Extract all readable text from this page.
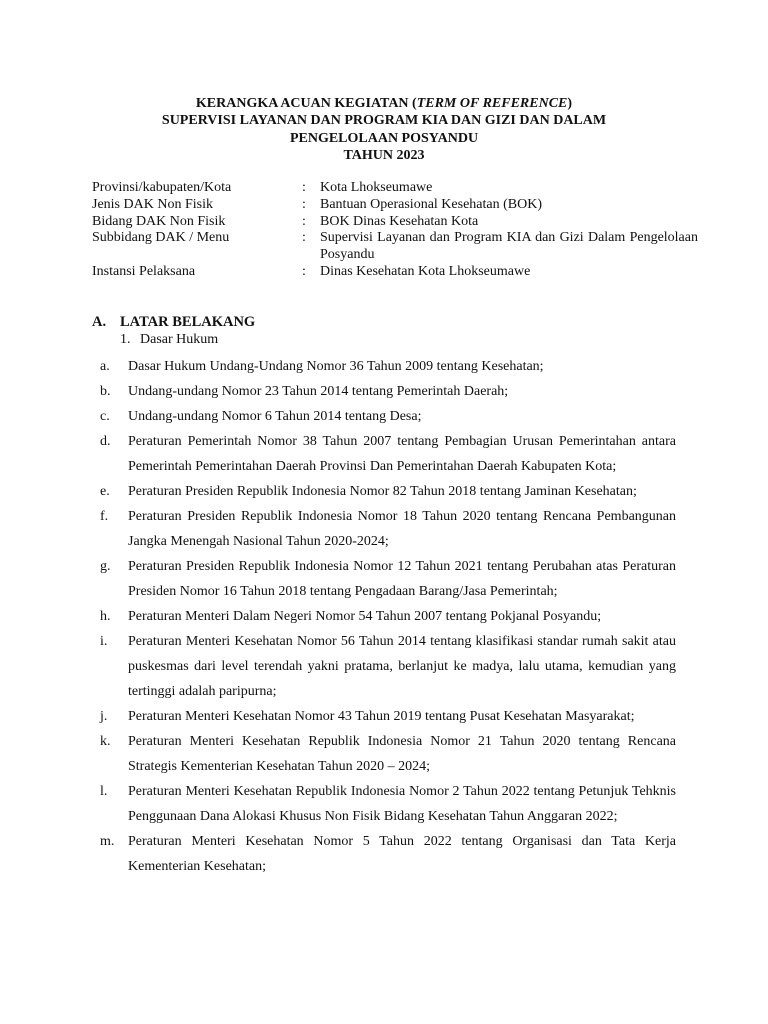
KERANGKA ACUAN KEGIATAN (TERM OF REFERENCE)
SUPERVISI LAYANAN DAN PROGRAM KIA DAN GIZI DAN DALAM
PENGELOLAAN POSYANDU
TAHUN 2023
Provinsi/kabupaten/Kota	:	Kota Lhokseumawe
Jenis DAK Non Fisik	:	Bantuan Operasional Kesehatan (BOK)
Bidang DAK Non Fisik	:	BOK Dinas Kesehatan Kota
Subbidang DAK / Menu	:	Supervisi Layanan dan Program KIA dan Gizi Dalam Pengelolaan Posyandu
Instansi Pelaksana	:	Dinas Kesehatan Kota Lhokseumawe
A. LATAR BELAKANG
1. Dasar Hukum
a.	Dasar Hukum Undang-Undang Nomor 36 Tahun 2009 tentang Kesehatan;
b.	Undang-undang Nomor 23 Tahun 2014 tentang Pemerintah Daerah;
c.	Undang-undang Nomor 6 Tahun 2014 tentang Desa;
d.	Peraturan Pemerintah Nomor 38 Tahun 2007 tentang Pembagian Urusan Pemerintahan antara Pemerintah Pemerintahan Daerah Provinsi Dan Pemerintahan Daerah Kabupaten Kota;
e.	Peraturan Presiden Republik Indonesia Nomor 82 Tahun 2018 tentang Jaminan Kesehatan;
f.	Peraturan Presiden Republik Indonesia Nomor 18 Tahun 2020 tentang Rencana Pembangunan Jangka Menengah Nasional Tahun 2020-2024;
g.	Peraturan Presiden Republik Indonesia Nomor 12 Tahun 2021 tentang Perubahan atas Peraturan Presiden Nomor 16 Tahun 2018 tentang Pengadaan Barang/Jasa Pemerintah;
h.	Peraturan Menteri Dalam Negeri Nomor 54 Tahun 2007 tentang Pokjanal Posyandu;
i.	Peraturan Menteri Kesehatan Nomor 56 Tahun 2014 tentang klasifikasi standar rumah sakit atau puskesmas dari level terendah yakni pratama, berlanjut ke madya, lalu utama, kemudian yang tertinggi adalah paripurna;
j.	Peraturan Menteri Kesehatan Nomor 43 Tahun 2019 tentang Pusat Kesehatan Masyarakat;
k.	Peraturan Menteri Kesehatan Republik Indonesia Nomor 21 Tahun 2020 tentang Rencana Strategis Kementerian Kesehatan Tahun 2020 – 2024;
l.	Peraturan Menteri Kesehatan Republik Indonesia Nomor 2 Tahun 2022 tentang Petunjuk Tehknis Penggunaan Dana Alokasi Khusus Non Fisik Bidang Kesehatan Tahun Anggaran 2022;
m. Peraturan Menteri Kesehatan Nomor 5 Tahun 2022 tentang Organisasi dan Tata Kerja Kementerian Kesehatan;
